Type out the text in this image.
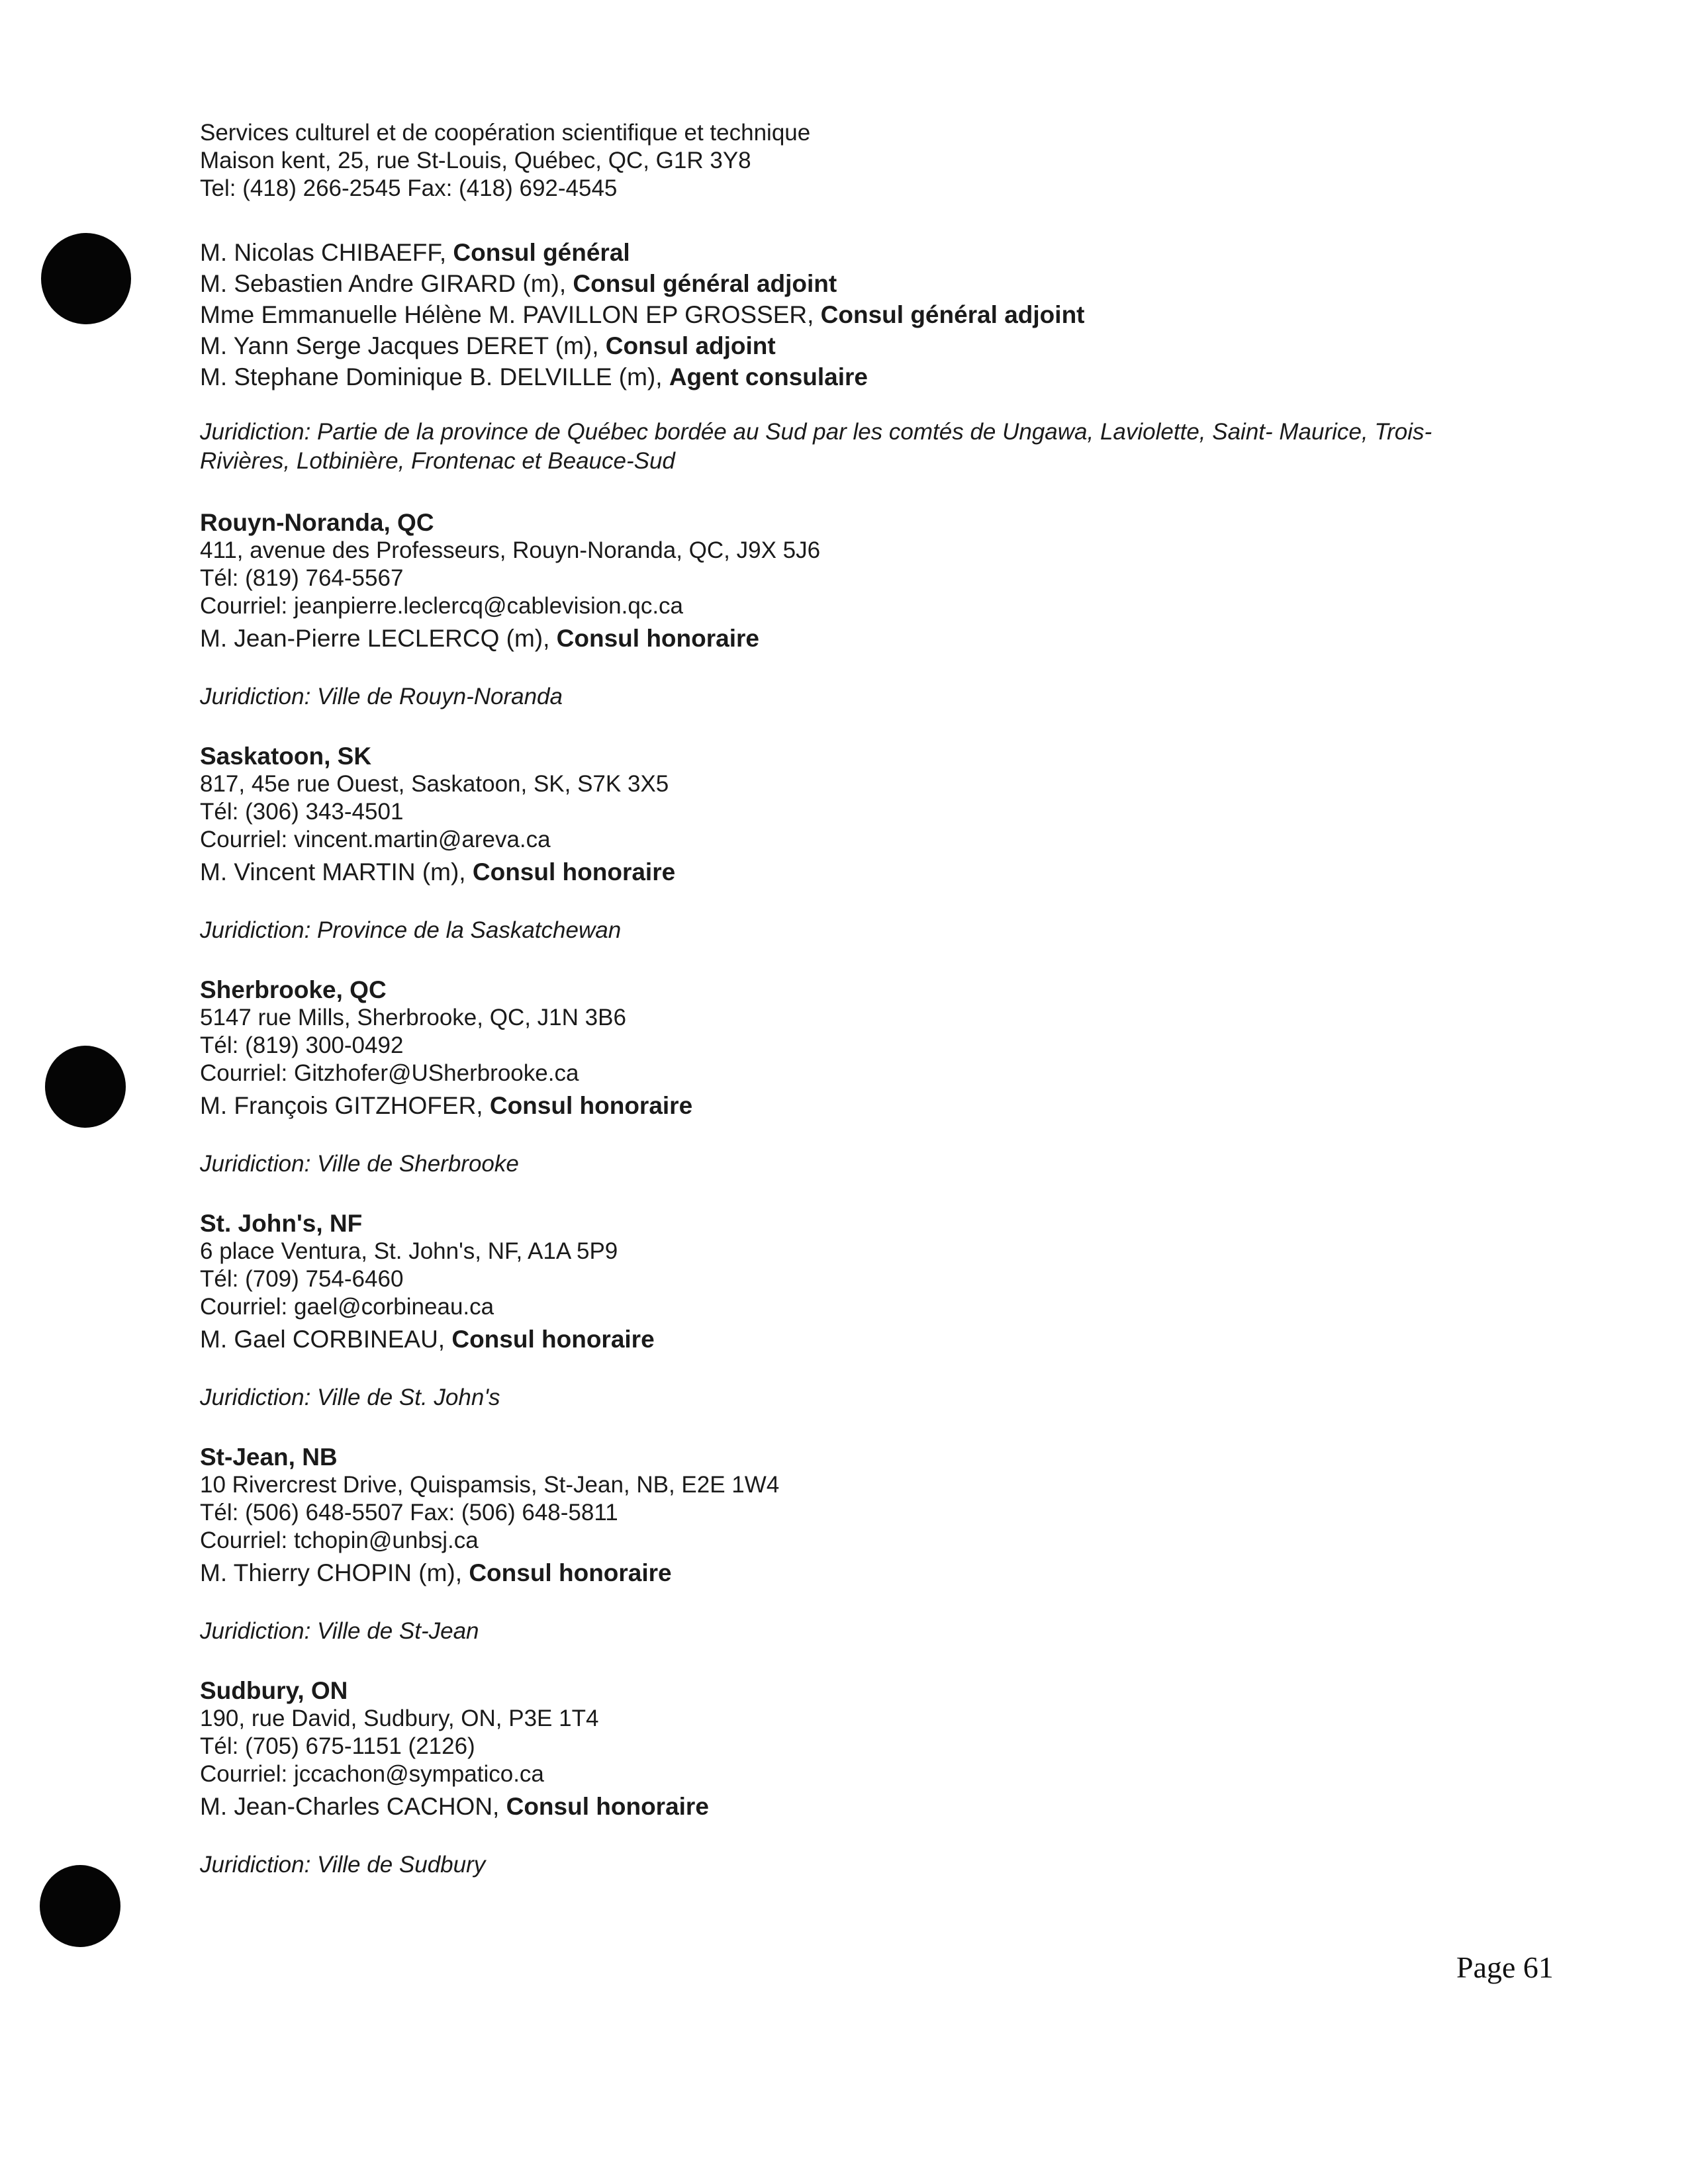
Services culturel et de coopération scientifique et technique
Maison kent, 25, rue St-Louis, Québec, QC, G1R 3Y8
Tel: (418) 266-2545 Fax: (418) 692-4545
M. Nicolas CHIBAEFF, Consul général
M. Sebastien Andre GIRARD (m), Consul général adjoint
Mme Emmanuelle Hélène M. PAVILLON EP GROSSER, Consul général adjoint
M. Yann Serge Jacques DERET (m), Consul adjoint
M. Stephane Dominique B. DELVILLE (m), Agent consulaire
Juridiction: Partie de la province de Québec bordée au Sud par les comtés de Ungawa, Laviolette, Saint- Maurice, Trois-Rivières, Lotbinière, Frontenac et Beauce-Sud
Rouyn-Noranda, QC
411, avenue des Professeurs, Rouyn-Noranda, QC, J9X 5J6
Tél: (819) 764-5567
Courriel: jeanpierre.leclercq@cablevision.qc.ca
M. Jean-Pierre LECLERCQ (m), Consul honoraire
Juridiction: Ville de Rouyn-Noranda
Saskatoon, SK
817, 45e rue Ouest, Saskatoon, SK, S7K 3X5
Tél: (306) 343-4501
Courriel: vincent.martin@areva.ca
M. Vincent MARTIN (m), Consul honoraire
Juridiction: Province de la Saskatchewan
Sherbrooke, QC
5147 rue Mills, Sherbrooke, QC, J1N 3B6
Tél: (819) 300-0492
Courriel: Gitzhofer@USherbrooke.ca
M. François GITZHOFER, Consul honoraire
Juridiction: Ville de Sherbrooke
St. John's, NF
6 place Ventura, St. John's, NF, A1A 5P9
Tél: (709) 754-6460
Courriel: gael@corbineau.ca
M. Gael CORBINEAU, Consul honoraire
Juridiction: Ville de St. John's
St-Jean, NB
10 Rivercrest Drive, Quispamsis, St-Jean, NB, E2E 1W4
Tél: (506) 648-5507 Fax: (506) 648-5811
Courriel: tchopin@unbsj.ca
M. Thierry CHOPIN (m), Consul honoraire
Juridiction: Ville de St-Jean
Sudbury, ON
190, rue David, Sudbury, ON, P3E 1T4
Tél: (705) 675-1151 (2126)
Courriel: jccachon@sympatico.ca
M. Jean-Charles CACHON, Consul honoraire
Juridiction: Ville de Sudbury
Page 61
